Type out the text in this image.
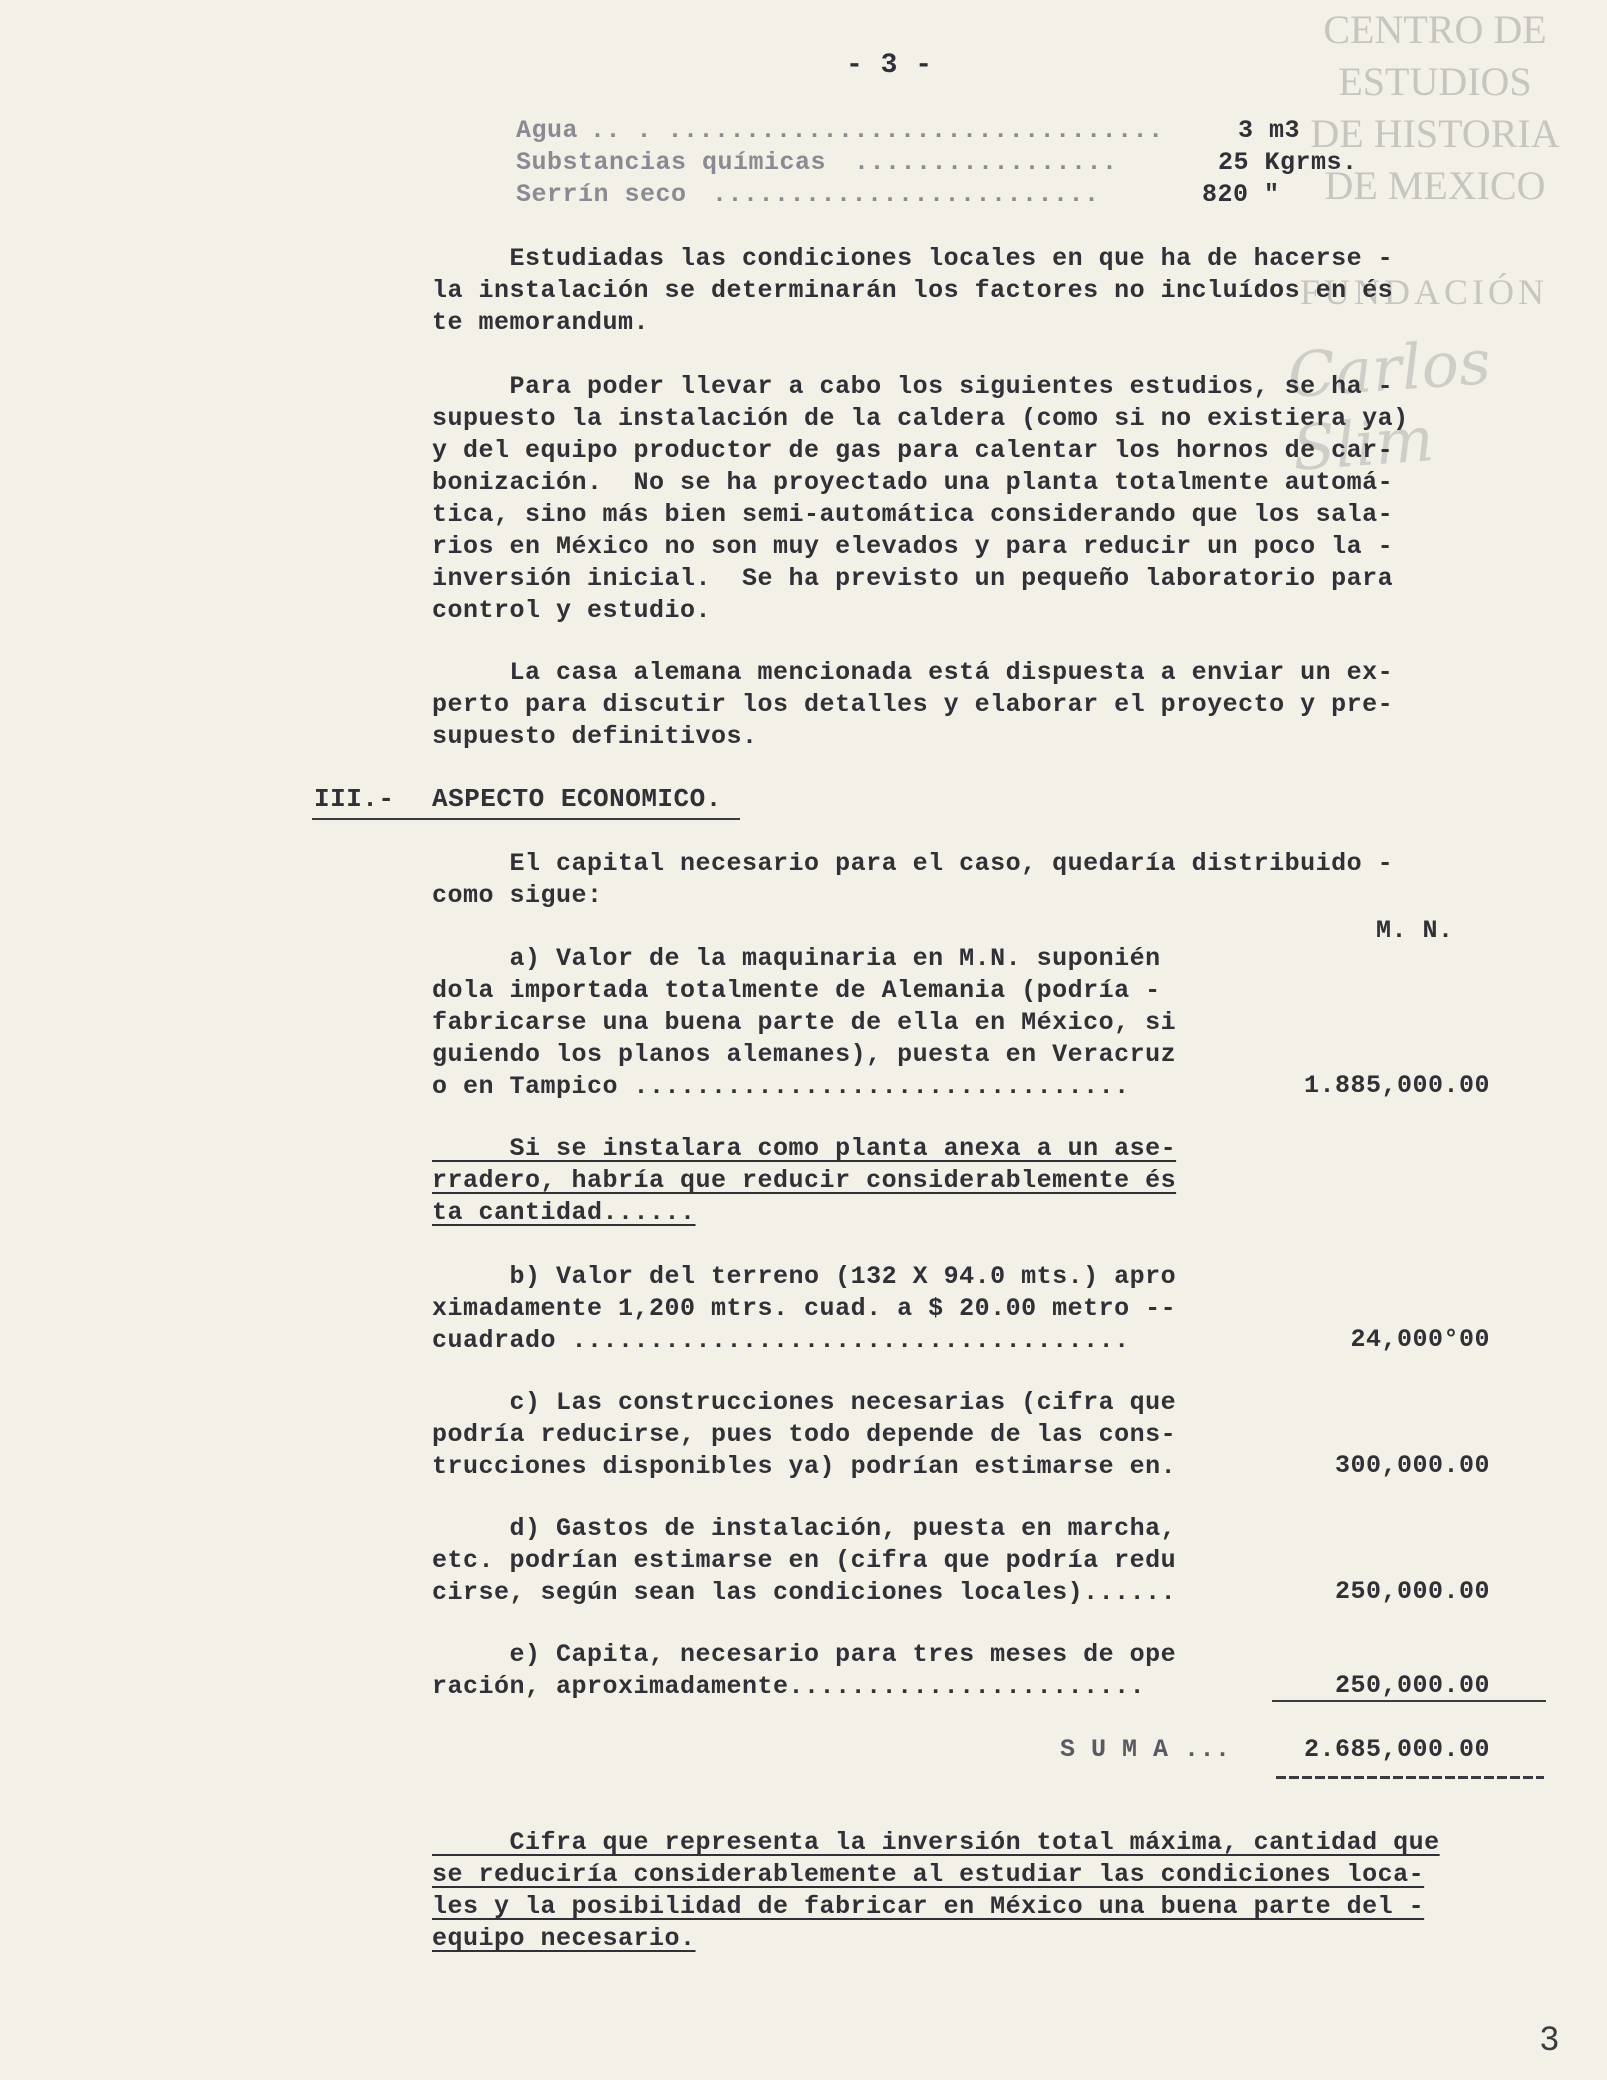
CENTRO DE
ESTUDIOS
DE HISTORIA
DE MEXICO
FUNDACIÓN
Carlos Slim
- 3 -
Agua .. . ................................	3 m3
Substancias químicas .................	25 Kgrms.
Serrín seco .........................	820 "
Estudiadas las condiciones locales en que ha de hacerse -
la instalación se determinarán los factores no incluídos en és
te memorandum.
Para poder llevar a cabo los siguientes estudios, se ha -
supuesto la instalación de la caldera (como si no existiera ya)
y del equipo productor de gas para calentar los hornos de car-
bonización.  No se ha proyectado una planta totalmente automá-
tica, sino más bien semi-automática considerando que los sala-
rios en México no son muy elevados y para reducir un poco la -
inversión inicial.  Se ha previsto un pequeño laboratorio para
control y estudio.
La casa alemana mencionada está dispuesta a enviar un ex-
perto para discutir los detalles y elaborar el proyecto y pre-
supuesto definitivos.
III.- ASPECTO ECONOMICO.
El capital necesario para el caso, quedaría distribuido -
como sigue:
M. N.
a) Valor de la maquinaria en M.N. suponién
dola importada totalmente de Alemania (podría -
fabricarse una buena parte de ella en México, si
guiendo los planos alemanes), puesta en Veracruz
o en Tampico ................................	1.885,000.00
Si se instalara como planta anexa a un ase-
rradero, habría que reducir considerablemente és
ta cantidad......
b) Valor del terreno (132 X 94.0 mts.) apro
ximadamente 1,200 mtrs. cuad. a $ 20.00 metro --
cuadrado ....................................	24,000°00
c) Las construcciones necesarias (cifra que
podría reducirse, pues todo depende de las cons-
trucciones disponibles ya) podrían estimarse en.	300,000.00
d) Gastos de instalación, puesta en marcha,
etc. podrían estimarse en (cifra que podría redu
cirse, según sean las condiciones locales)......	250,000.00
e) Capita, necesario para tres meses de ope
ración, aproximadamente.......................	250,000.00
S U M A ...	2.685,000.00
Cifra que representa la inversión total máxima, cantidad que
se reduciría considerablemente al estudiar las condiciones loca-
les y la posibilidad de fabricar en México una buena parte del -
equipo necesario.
3
